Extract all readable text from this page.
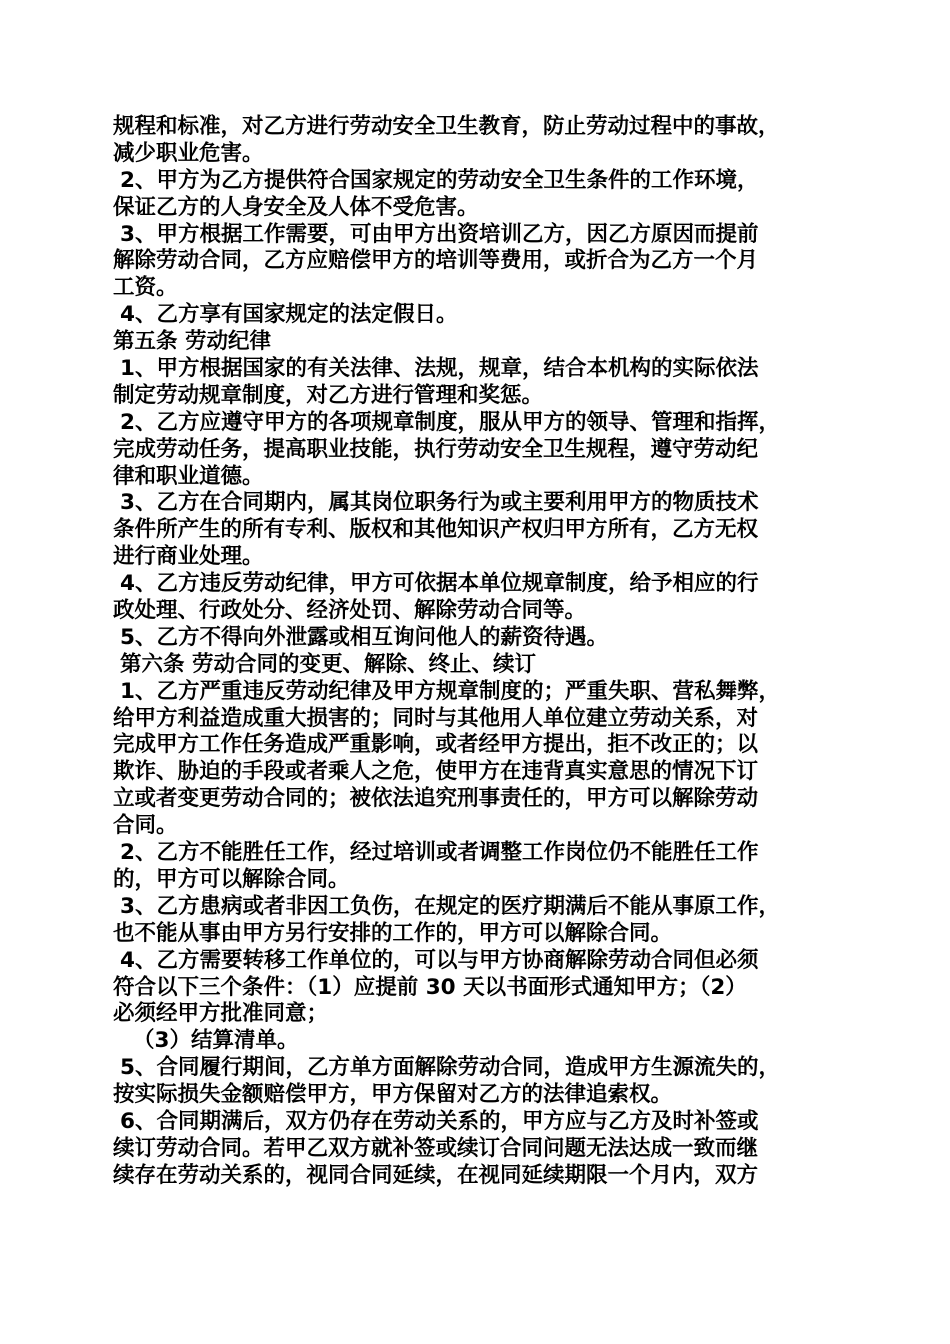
规程和标准，对乙方进行劳动安全卫生教育，防止劳动过程中的事故，
减少职业危害。
2、甲方为乙方提供符合国家规定的劳动安全卫生条件的工作环境，
保证乙方的人身安全及人体不受危害。
3、甲方根据工作需要，可由甲方出资培训乙方，因乙方原因而提前
解除劳动合同，乙方应赔偿甲方的培训等费用，或折合为乙方一个月
工资。
4、乙方享有国家规定的法定假日。
第五条 劳动纪律
1、甲方根据国家的有关法律、法规，规章，结合本机构的实际依法
制定劳动规章制度，对乙方进行管理和奖惩。
2、乙方应遵守甲方的各项规章制度，服从甲方的领导、管理和指挥，
完成劳动任务，提高职业技能，执行劳动安全卫生规程，遵守劳动纪
律和职业道德。
3、乙方在合同期内，属其岗位职务行为或主要利用甲方的物质技术
条件所产生的所有专利、版权和其他知识产权归甲方所有，乙方无权
进行商业处理。
4、乙方违反劳动纪律，甲方可依据本单位规章制度，给予相应的行
政处理、行政处分、经济处罚、解除劳动合同等。
5、乙方不得向外泄露或相互询问他人的薪资待遇。
第六条 劳动合同的变更、解除、终止、续订
1、乙方严重违反劳动纪律及甲方规章制度的；严重失职、营私舞弊，
给甲方利益造成重大损害的；同时与其他用人单位建立劳动关系，对
完成甲方工作任务造成严重影响，或者经甲方提出，拒不改正的；以
欺诈、胁迫的手段或者乘人之危，使甲方在违背真实意思的情况下订
立或者变更劳动合同的；被依法追究刑事责任的，甲方可以解除劳动
合同。
2、乙方不能胜任工作，经过培训或者调整工作岗位仍不能胜任工作
的，甲方可以解除合同。
3、乙方患病或者非因工负伤，在规定的医疗期满后不能从事原工作，
也不能从事由甲方另行安排的工作的，甲方可以解除合同。
4、乙方需要转移工作单位的，可以与甲方协商解除劳动合同但必须
符合以下三个条件：（1）应提前 30 天以书面形式通知甲方；（2）
必须经甲方批准同意；
（3）结算清单。
5、合同履行期间，乙方单方面解除劳动合同，造成甲方生源流失的，
按实际损失金额赔偿甲方，甲方保留对乙方的法律追索权。
6、合同期满后，双方仍存在劳动关系的，甲方应与乙方及时补签或
续订劳动合同。若甲乙双方就补签或续订合同问题无法达成一致而继
续存在劳动关系的，视同合同延续，在视同延续期限一个月内，双方
